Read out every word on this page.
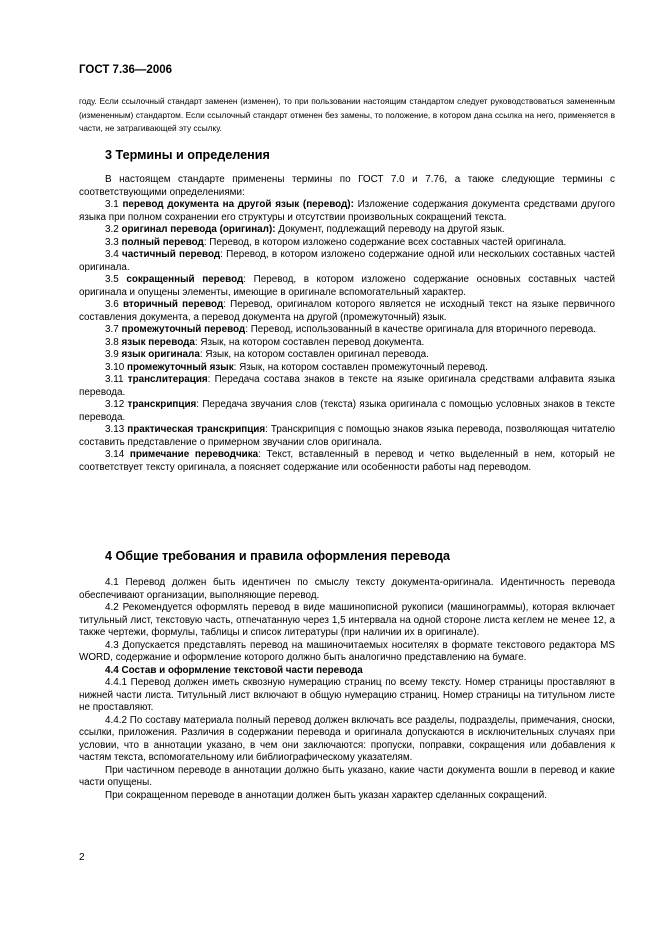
ГОСТ 7.36—2006

году. Если ссылочный стандарт заменен (изменен), то при пользовании настоящим стандартом следует руководствоваться замененным (измененным) стандартом. Если ссылочный стандарт отменен без замены, то положение, в котором дана ссылка на него, применяется в части, не затрагивающей эту ссылку.

3 Термины и определения

В настоящем стандарте применены термины по ГОСТ 7.0 и 7.76, а также следующие термины с соответствующими определениями:

3.1 перевод документа на другой язык (перевод): Изложение содержания документа средствами другого языка при полном сохранении его структуры и отсутствии произвольных сокращений текста.

3.2 оригинал перевода (оригинал): Документ, подлежащий переводу на другой язык.

3.3 полный перевод: Перевод, в котором изложено содержание всех составных частей оригинала.

3.4 частичный перевод: Перевод, в котором изложено содержание одной или нескольких составных частей оригинала.

3.5 сокращенный перевод: Перевод, в котором изложено содержание основных составных частей оригинала и опущены элементы, имеющие в оригинале вспомогательный характер.

3.6 вторичный перевод: Перевод, оригиналом которого является не исходный текст на языке первичного составления документа, а перевод документа на другой (промежуточный) язык.

3.7 промежуточный перевод: Перевод, использованный в качестве оригинала для вторичного перевода.

3.8 язык перевода: Язык, на котором составлен перевод документа.

3.9 язык оригинала: Язык, на котором составлен оригинал перевода.

3.10 промежуточный язык: Язык, на котором составлен промежуточный перевод.

3.11 транслитерация: Передача состава знаков в тексте на языке оригинала средствами алфавита языка перевода.

3.12 транскрипция: Передача звучания слов (текста) языка оригинала с помощью условных знаков в тексте перевода.

3.13 практическая транскрипция: Транскрипция с помощью знаков языка перевода, позволяющая читателю составить представление о примерном звучании слов оригинала.

3.14 примечание переводчика: Текст, вставленный в перевод и четко выделенный в нем, который не соответствует тексту оригинала, а поясняет содержание или особенности работы над переводом.

4 Общие требования и правила оформления перевода

4.1 Перевод должен быть идентичен по смыслу тексту документа-оригинала. Идентичность перевода обеспечивают организации, выполняющие перевод.

4.2 Рекомендуется оформлять перевод в виде машинописной рукописи (машинограммы), которая включает титульный лист, текстовую часть, отпечатанную через 1,5 интервала на одной стороне листа кеглем не менее 12, а также чертежи, формулы, таблицы и список литературы (при наличии их в оригинале).

4.3 Допускается представлять перевод на машиночитаемых носителях в формате текстового редактора MS WORD, содержание и оформление которого должно быть аналогично представлению на бумаге.

4.4 Состав и оформление текстовой части перевода

4.4.1 Перевод должен иметь сквозную нумерацию страниц по всему тексту. Номер страницы проставляют в нижней части листа. Титульный лист включают в общую нумерацию страниц. Номер страницы на титульном листе не проставляют.

4.4.2 По составу материала полный перевод должен включать все разделы, подразделы, примечания, сноски, ссылки, приложения. Различия в содержании перевода и оригинала допускаются в исключительных случаях при условии, что в аннотации указано, в чем они заключаются: пропуски, поправки, сокращения или добавления к частям текста, вспомогательному или библиографическому указателям.

При частичном переводе в аннотации должно быть указано, какие части документа вошли в перевод и какие части опущены.

При сокращенном переводе в аннотации должен быть указан характер сделанных сокращений.

2
